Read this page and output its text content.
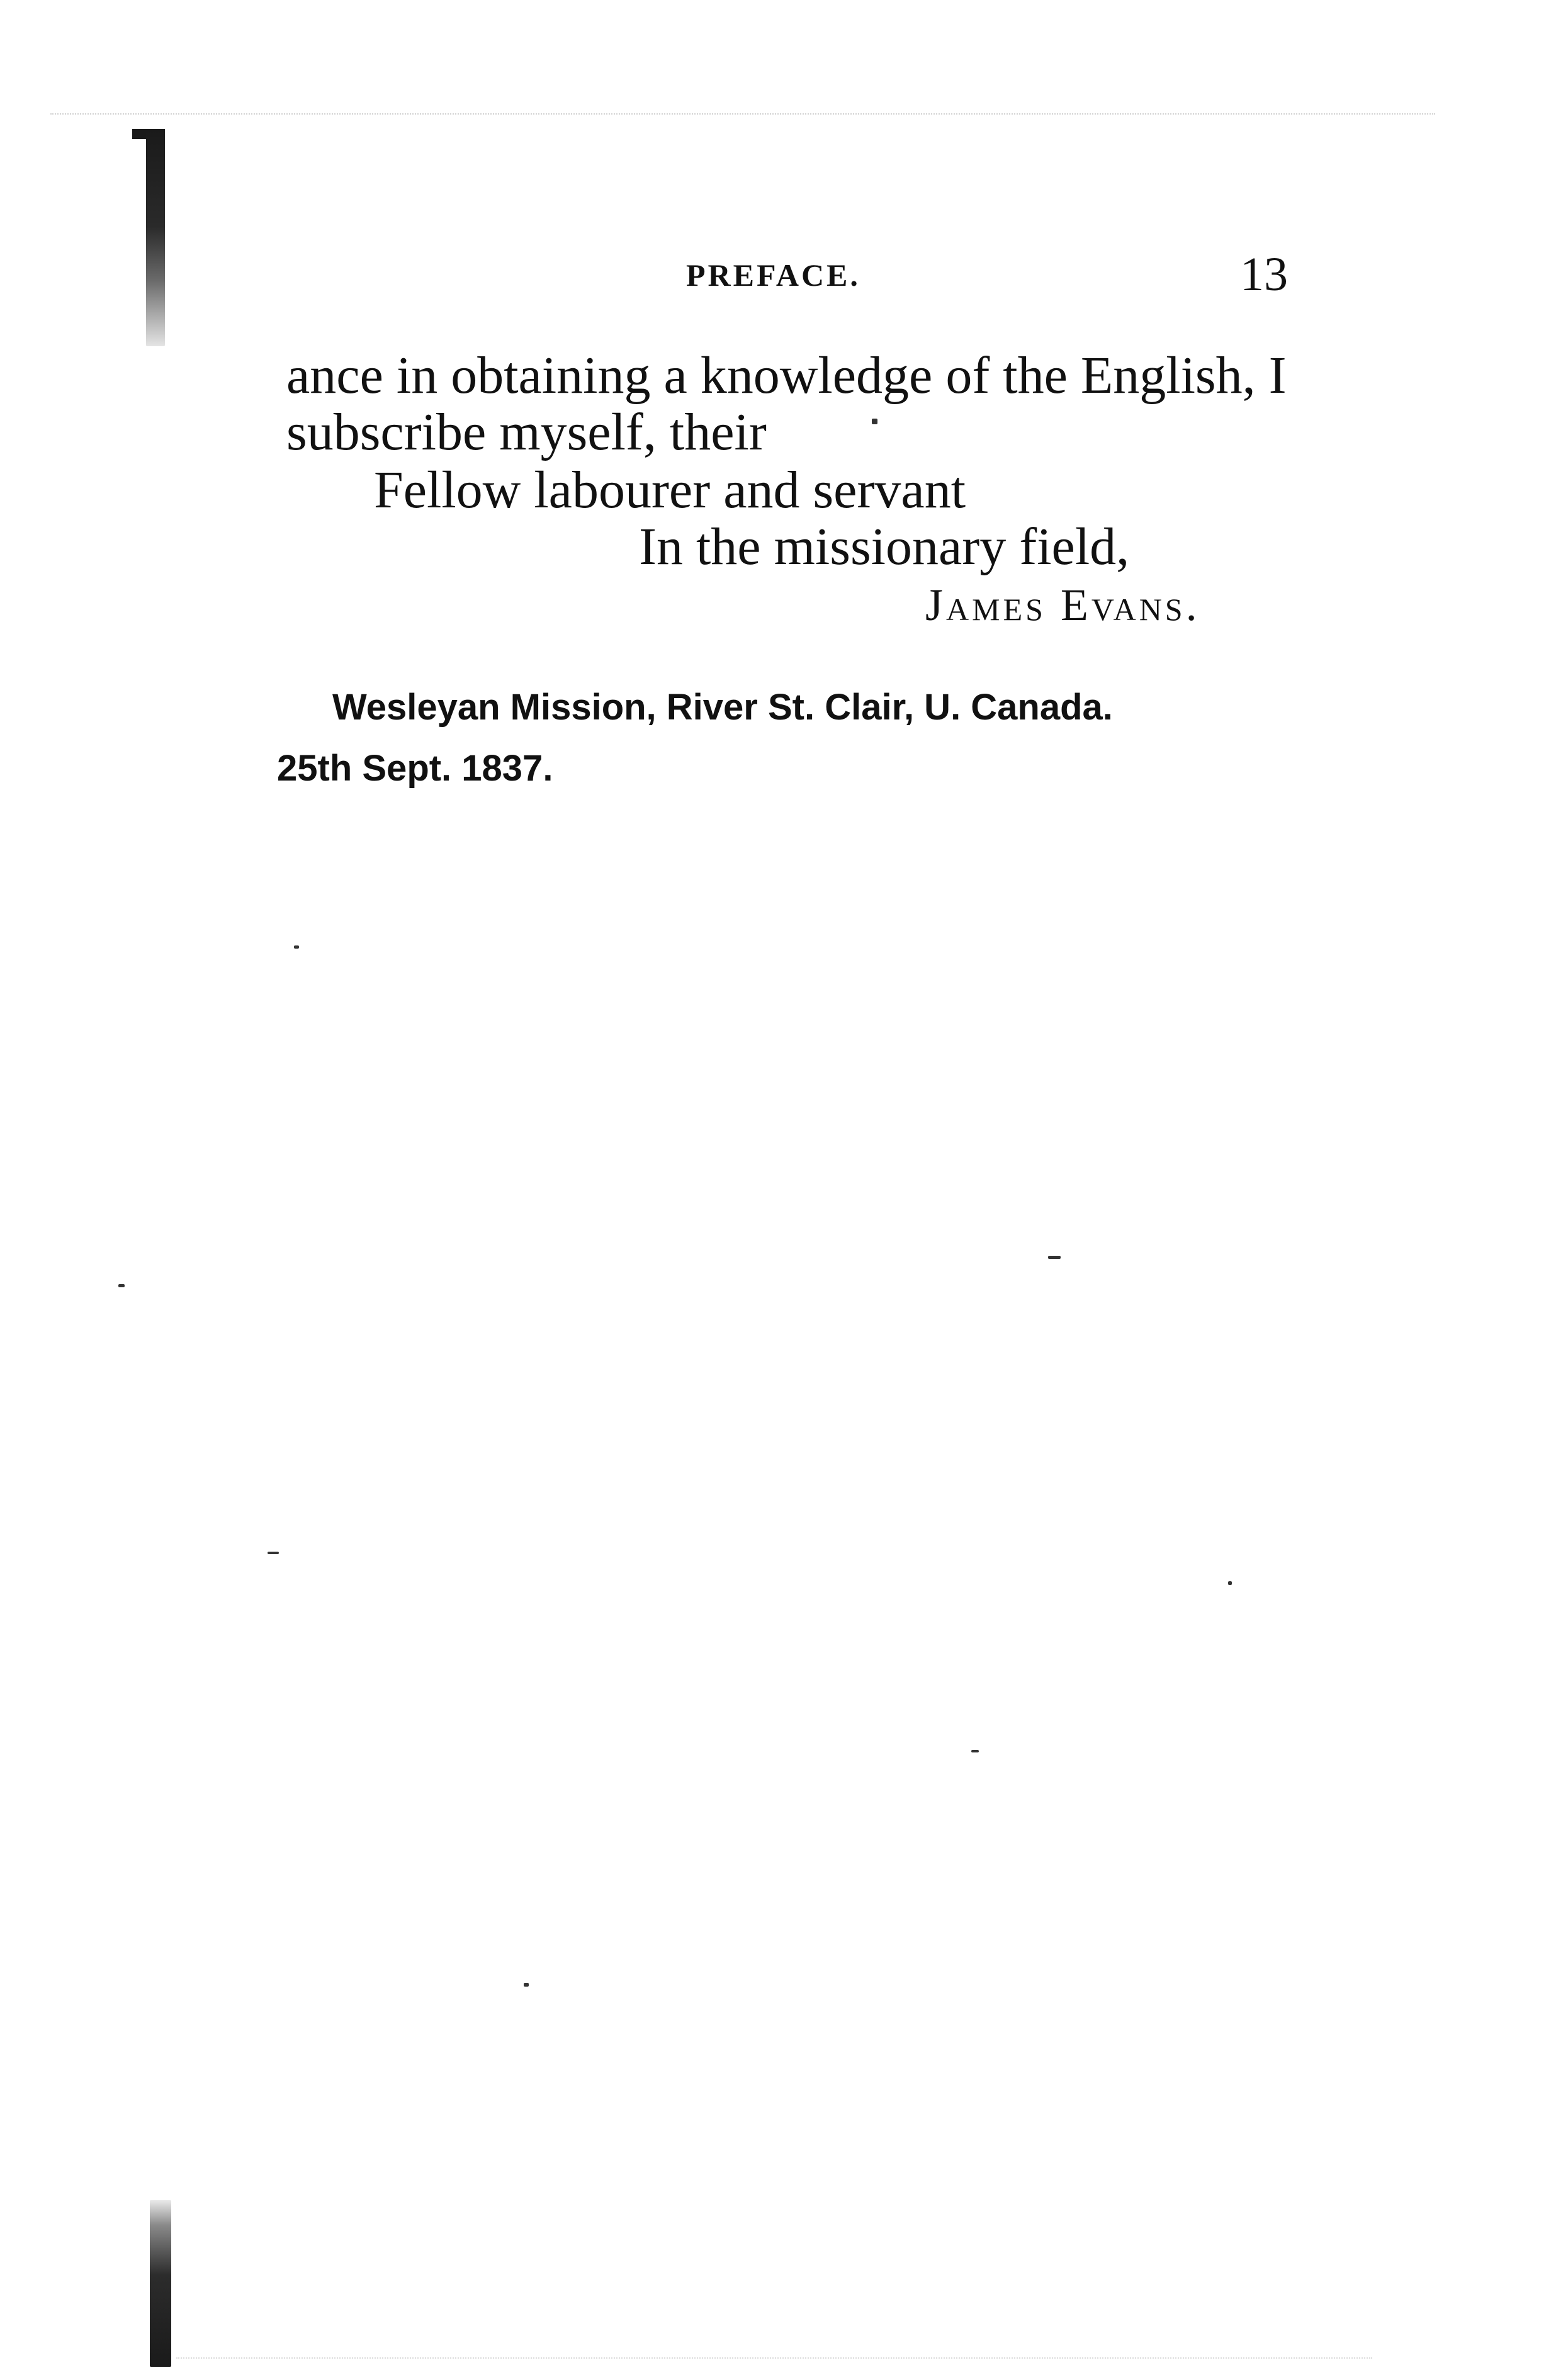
PREFACE.	13
ance in obtaining a knowledge of the English, I
subscribe myself, their
Fellow labourer and servant
In the missionary field,
James Evans.
Wesleyan Mission, River St. Clair, U. Canada.
25th Sept. 1837.
